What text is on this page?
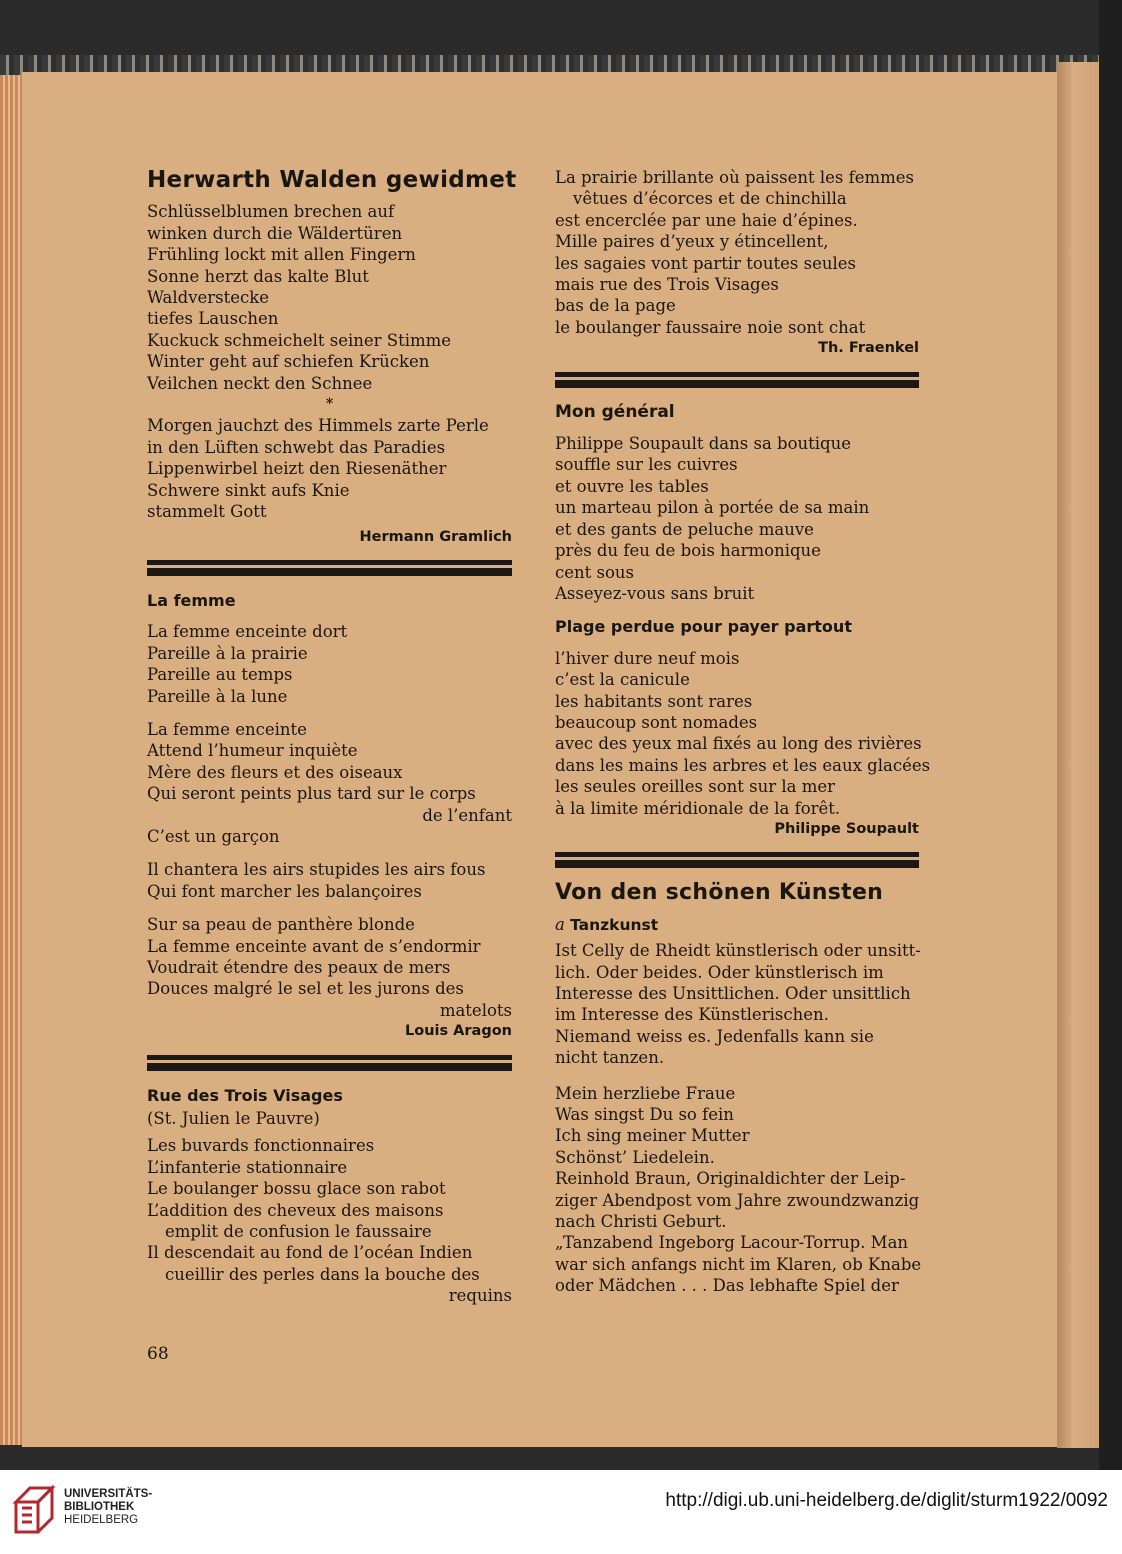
Herwarth Walden gewidmet

Schlüsselblumen brechen auf

winken durch die Wäldertüren

Frühling lockt mit allen Fingern

Sonne herzt das kalte Blut

Waldverstecke

tiefes Lauschen

Kuckuck schmeichelt seiner Stimme

Winter geht auf schiefen Krücken

Veilchen neckt den Schnee

*

Morgen jauchzt des Himmels zarte Perle

in den Lüften schwebt das Paradies

Lippenwirbel heizt den Riesenäther

Schwere sinkt aufs Knie

stammelt Gott

Hermann Gramlich

La femme

La femme enceinte dort

Pareille à la prairie

Pareille au temps

Pareille à la lune

La femme enceinte

Attend l’humeur inquiète

Mère des fleurs et des oiseaux

Qui seront peints plus tard sur le corps

de l’enfant

C’est un garçon

Il chantera les airs stupides les airs fous

Qui font marcher les balançoires

Sur sa peau de panthère blonde

La femme enceinte avant de s’endormir

Voudrait étendre des peaux de mers

Douces malgré le sel et les jurons des

matelots

Louis Aragon

Rue des Trois Visages

(St. Julien le Pauvre)

Les buvards fonctionnaires

L’infanterie stationnaire

Le boulanger bossu glace son rabot

L’addition des cheveux des maisons

emplit de confusion le faussaire

Il descendait au fond de l’océan Indien

cueillir des perles dans la bouche des

requins

68

La prairie brillante où paissent les femmes

vêtues d’écorces et de chinchilla

est encerclée par une haie d’épines.

Mille paires d’yeux y étincellent,

les sagaies vont partir toutes seules

mais rue des Trois Visages

bas de la page

le boulanger faussaire noie sont chat

Th. Fraenkel

Mon général

Philippe Soupault dans sa boutique

souffle sur les cuivres

et ouvre les tables

un marteau pilon à portée de sa main

et des gants de peluche mauve

près du feu de bois harmonique

cent sous

Asseyez-vous sans bruit

Plage perdue pour payer partout

l’hiver dure neuf mois

c’est la canicule

les habitants sont rares

beaucoup sont nomades

avec des yeux mal fixés au long des rivières

dans les mains les arbres et les eaux glacées

les seules oreilles sont sur la mer

à la limite méridionale de la forêt.

Philippe Soupault

Von den schönen Künsten

a Tanzkunst

Ist Celly de Rheidt künstlerisch oder unsitt-

lich. Oder beides. Oder künstlerisch im

Interesse des Unsittlichen. Oder unsittlich

im Interesse des Künstlerischen.

Niemand weiss es. Jedenfalls kann sie

nicht tanzen.

Mein herzliebe Fraue

Was singst Du so fein

Ich sing meiner Mutter

Schönst’ Liedelein.

Reinhold Braun, Originaldichter der Leip-

ziger Abendpost vom Jahre zwoundzwanzig

nach Christi Geburt.

„Tanzabend Ingeborg Lacour-Torrup. Man

war sich anfangs nicht im Klaren, ob Knabe

oder Mädchen . . . Das lebhafte Spiel der

UNIVERSITÄTS-
BIBLIOTHEK
HEIDELBERG
http://digi.ub.uni-heidelberg.de/diglit/sturm1922/0092
